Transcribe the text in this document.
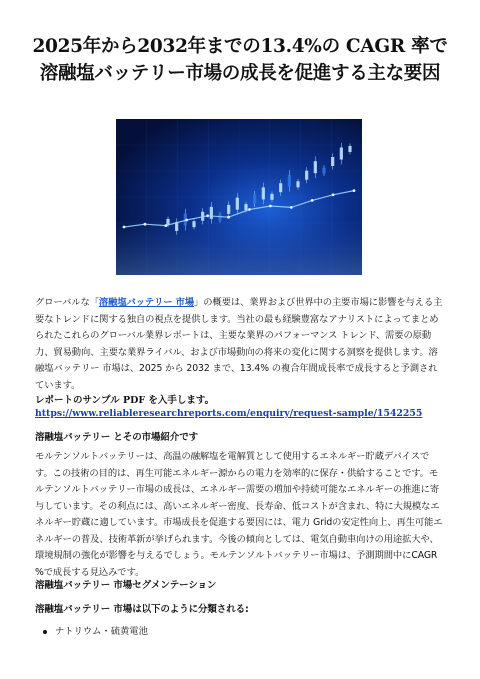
2025年から2032年までの13.4%の CAGR 率で溶融塩バッテリー市場の成長を促進する主な要因

グローバルな「溶融塩バッテリー 市場」の概要は、業界および世界中の主要市場に影響を与える主要なトレンドに関する独自の視点を提供します。当社の最も経験豊富なアナリストによってまとめられたこれらのグローバル業界レポートは、主要な業界のパフォーマンス トレンド、需要の原動力、貿易動向、主要な業界ライバル、および市場動向の将来の変化に関する洞察を提供します。溶融塩バッテリー 市場は、2025 から 2032 まで、13.4% の複合年間成長率で成長すると予測されています。

レポートのサンプル PDF を入手します。

https://www.reliableresearchreports.com/enquiry/request-sample/1542255
溶融塩バッテリー とその市場紹介です

モルテンソルトバッテリーは、高温の融解塩を電解質として使用するエネルギー貯蔵デバイスです。この技術の目的は、再生可能エネルギー源からの電力を効率的に保存・供給することです。モルテンソルトバッテリー市場の成長は、エネルギー需要の増加や持続可能なエネルギーの推進に寄与しています。その利点には、高いエネルギー密度、長寿命、低コストが含まれ、特に大規模なエネルギー貯蔵に適しています。市場成長を促進する要因には、電力 Gridの安定性向上、再生可能エネルギーの普及、技術革新が挙げられます。今後の傾向としては、電気自動車向けの用途拡大や、環境規制の強化が影響を与えるでしょう。モルテンソルトバッテリー市場は、予測期間中にCAGR %で成長する見込みです。

溶融塩バッテリー 市場セグメンテーション
溶融塩バッテリー 市場は以下のように分類される:
ナトリウム・硫黄電池
